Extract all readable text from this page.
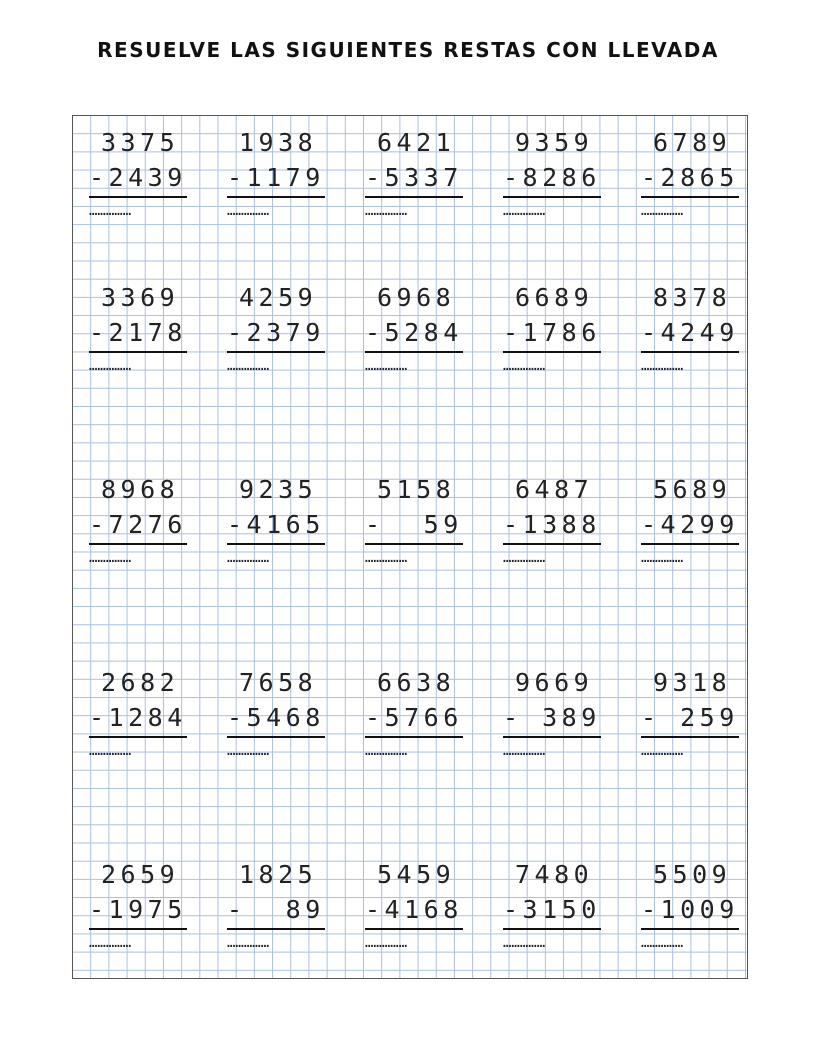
RESUELVE LAS SIGUIENTES RESTAS CON LLEVADA
3375
-2439
……………
1938
-1179
……………
6421
-5337
……………
9359
-8286
……………
6789
-2865
……………
3369
-2178
……………
4259
-2379
……………
6968
-5284
……………
6689
-1786
……………
8378
-4249
……………
8968
-7276
……………
9235
-4165
……………
5158
-  59
……………
6487
-1388
……………
5689
-4299
……………
2682
-1284
……………
7658
-5468
……………
6638
-5766
……………
9669
- 389
……………
9318
- 259
……………
2659
-1975
……………
1825
-  89
……………
5459
-4168
……………
7480
-3150
……………
5509
-1009
……………
